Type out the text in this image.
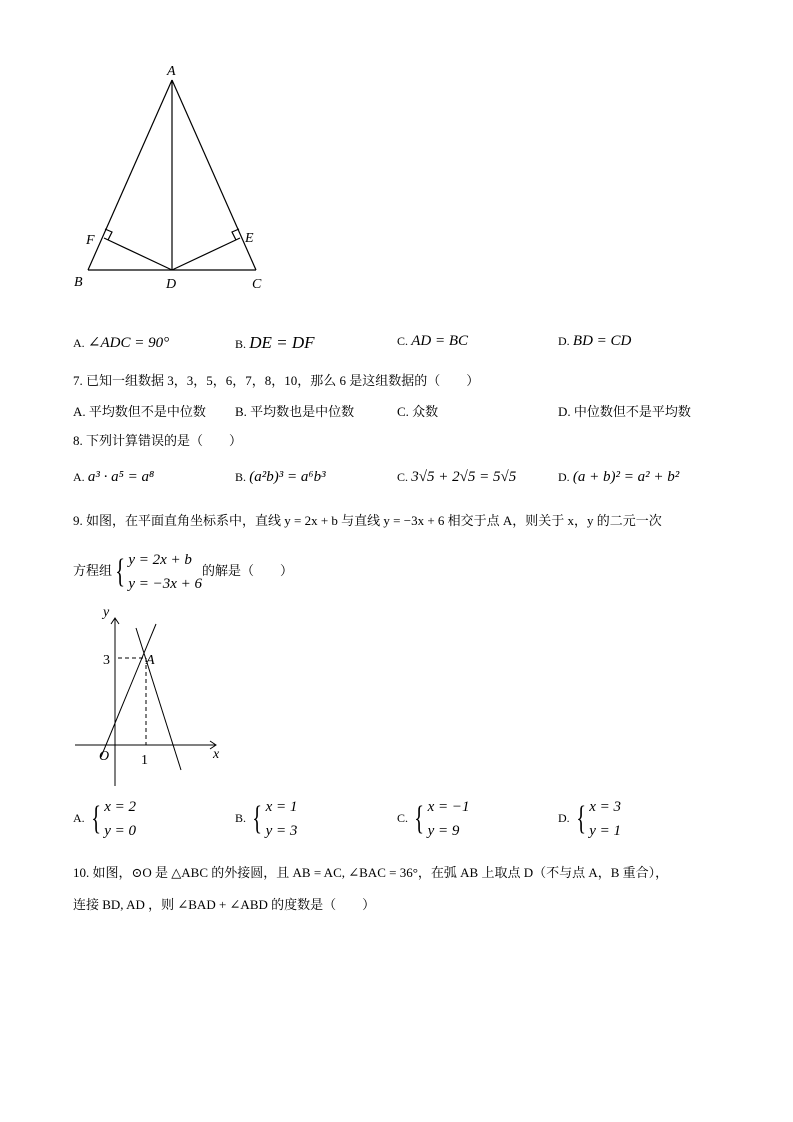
A
F	E
B	D	C
A. ∠ADC = 90°	B. DE = DF	C. AD = BC	D. BD = CD
7. 已知一组数据 3，3，5，6，7，8，10，那么 6 是这组数据的（　　）
A. 平均数但不是中位数 B. 平均数也是中位数	C. 众数	D. 中位数但不是平均数
8. 下列计算错误的是（　　）
A. a³ · a⁵ = a⁸	B. (a²b)³ = a⁶b³	C. 3√5 + 2√5 = 5√5	D. (a + b)² = a² + b²
9. 如图，在平面直角坐标系中，直线 y = 2x + b 与直线 y = −3x + 6 相交于点 A，则关于 x，y 的二元一次
方程组{ y = 2x + b
y = −3x + 6的解是（　　）
y
x
O
3
1
A
A. { x = 2
y = 0
B. { x = 1
y = 3
C. { x = −1
y = 9
D. { x = 3
y = 1
10. 如图，⊙O 是 △ABC 的外接圆，且 AB = AC, ∠BAC = 36°，在弧 AB 上取点 D（不与点 A，B 重合），
连接 BD, AD ，则 ∠BAD + ∠ABD 的度数是（　　）
